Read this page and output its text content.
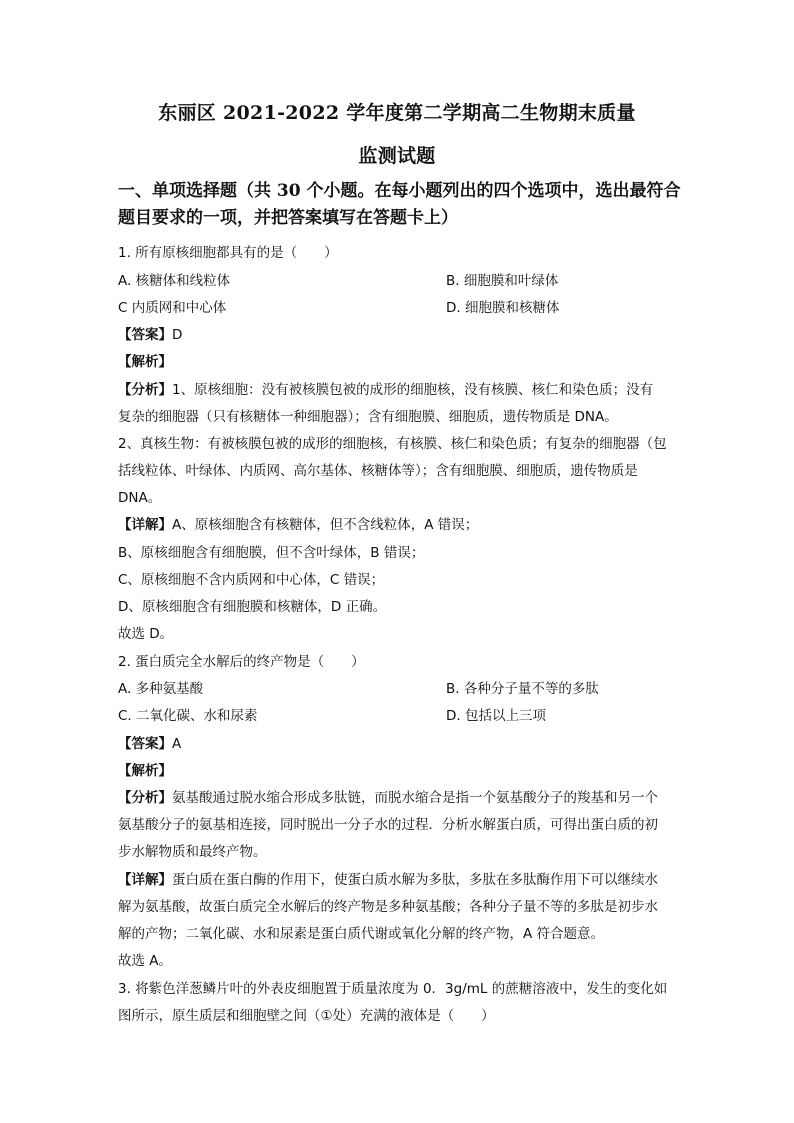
东丽区 2021-2022 学年度第二学期高二生物期末质量
监测试题
一、单项选择题（共 30 个小题。在每小题列出的四个选项中，选出最符合题目要求的一项，并把答案填写在答题卡上）
1. 所有原核细胞都具有的是（　　）
A. 核糖体和线粒体	B. 细胞膜和叶绿体
C 内质网和中心体	D. 细胞膜和核糖体
【答案】D
【解析】
【分析】1、原核细胞：没有被核膜包被的成形的细胞核，没有核膜、核仁和染色质；没有
复杂的细胞器（只有核糖体一种细胞器）；含有细胞膜、细胞质，遗传物质是 DNA。
2、真核生物：有被核膜包被的成形的细胞核，有核膜、核仁和染色质；有复杂的细胞器（包
括线粒体、叶绿体、内质网、高尔基体、核糖体等）；含有细胞膜、细胞质，遗传物质是
DNA。
【详解】A、原核细胞含有核糖体，但不含线粒体，A 错误；
B、原核细胞含有细胞膜，但不含叶绿体，B 错误；
C、原核细胞不含内质网和中心体，C 错误；
D、原核细胞含有细胞膜和核糖体，D 正确。
故选 D。
2. 蛋白质完全水解后的终产物是（　　）
A. 多种氨基酸	B. 各种分子量不等的多肽
C. 二氧化碳、水和尿素	D. 包括以上三项
【答案】A
【解析】
【分析】氨基酸通过脱水缩合形成多肽链，而脱水缩合是指一个氨基酸分子的羧基和另一个
氨基酸分子的氨基相连接，同时脱出一分子水的过程．分析水解蛋白质，可得出蛋白质的初
步水解物质和最终产物。
【详解】蛋白质在蛋白酶的作用下，使蛋白质水解为多肽，多肽在多肽酶作用下可以继续水
解为氨基酸，故蛋白质完全水解后的终产物是多种氨基酸；各种分子量不等的多肽是初步水
解的产物；二氧化碳、水和尿素是蛋白质代谢或氧化分解的终产物，A 符合题意。
故选 A。
3. 将紫色洋葱鳞片叶的外表皮细胞置于质量浓度为 0．3g/mL 的蔗糖溶液中，发生的变化如
图所示，原生质层和细胞壁之间（①处）充满的液体是（　　）
